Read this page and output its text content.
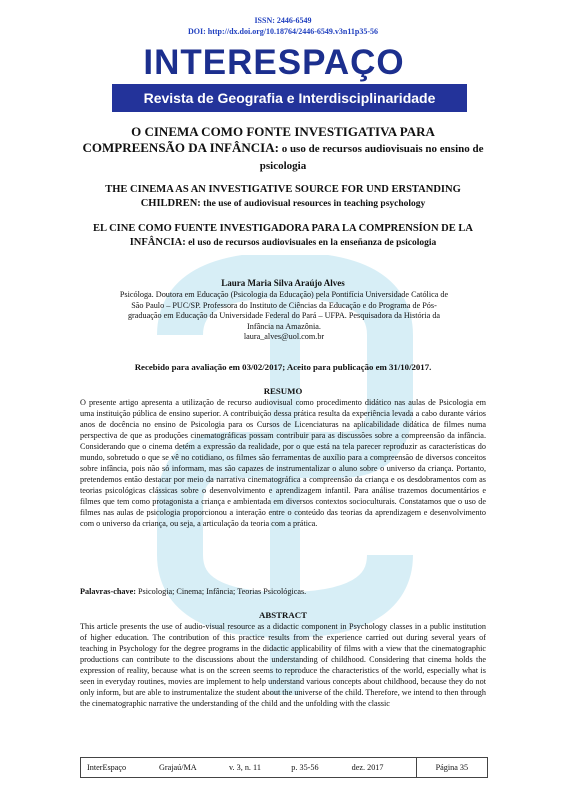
ISSN: 2446-6549
DOI: http://dx.doi.org/10.18764/2446-6549.v3n11p35-56
INTERESPAÇO
Revista de Geografia e Interdisciplinaridade
O CINEMA COMO FONTE INVESTIGATIVA PARA COMPREENSÃO DA INFÂNCIA: o uso de recursos audiovisuais no ensino de psicologia
THE CINEMA AS AN INVESTIGATIVE SOURCE FOR UND ERSTANDING CHILDREN: the use of audiovisual resources in teaching psychology
EL CINE COMO FUENTE INVESTIGADORA PARA LA COMPRENSÍON DE LA INFÂNCIA: el uso de recursos audiovisuales en la enseñanza de psicologia
Laura Maria Silva Araújo Alves
Psicóloga. Doutora em Educação (Psicologia da Educação) pela Pontifícia Universidade Católica de
São Paulo – PUC/SP. Professora do Instituto de Ciências da Educação e do Programa de Pós-
graduação em Educação da Universidade Federal do Pará – UFPA. Pesquisadora da História da
Infância na Amazônia.
laura_alves@uol.com.br
Recebido para avaliação em 03/02/2017; Aceito para publicação em 31/10/2017.
RESUMO
O presente artigo apresenta a utilização de recurso audiovisual como procedimento didático nas aulas de Psicologia em uma instituição pública de ensino superior. A contribuição dessa prática resulta da experiência levada a cabo durante vários anos de docência no ensino de Psicologia para os Cursos de Licenciaturas na aplicabilidade didática de filmes numa perspectiva de que as produções cinematográficas possam contribuir para as discussões sobre a compreensão da infância. Considerando que o cinema detém a expressão da realidade, por o que está na tela parecer reproduzir as características do mundo, sobretudo o que se vê no cotidiano, os filmes são ferramentas de auxílio para a compreensão de diversos conceitos sobre infância, pois não só informam, mas são capazes de instrumentalizar o aluno sobre o universo da criança. Portanto, pretendemos então destacar por meio da narrativa cinematográfica a compreensão da criança e os desdobramentos com as teorias psicológicas clássicas sobre o desenvolvimento e aprendizagem infantil. Para análise trazemos documentários e filmes que tem como protagonista a criança e ambientada em diversos contextos socioculturais. Constatamos que o uso de filmes nas aulas de psicologia proporcionou a interação entre o conteúdo das teorias da aprendizagem e desenvolvimento com o universo da criança, ou seja, a articulação da teoria com a prática.
Palavras-chave: Psicologia; Cinema; Infância; Teorias Psicológicas.
ABSTRACT
This article presents the use of audio-visual resource as a didactic component in Psychology classes in a public institution of higher education. The contribution of this practice results from the experience carried out during several years of teaching in Psychology for the degree programs in the didactic applicability of films with a view that the cinematographic productions can contribute to the discussions about the understanding of childhood. Considering that cinema holds the expression of reality, because what is on the screen seems to reproduce the characteristics of the world, especially what is seen in everyday routines, movies are implement to help understand various concepts about childhood, because they do not only inform, but are able to instrumentalize the student about the universe of the child. Therefore, we intend to then through the cinematographic narrative the understanding of the child and the unfolding with the classic
InterEspaço	Grajaú/MA	v. 3, n. 11	p. 35-56	dez. 2017	Página 35
